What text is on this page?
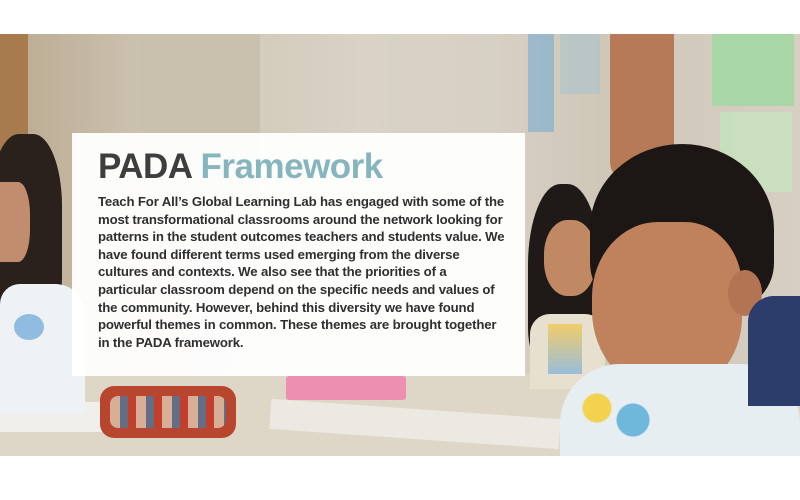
PADA Framework

Teach For All’s Global Learning Lab has engaged with some of the most transformational classrooms around the network looking for patterns in the student outcomes teachers and students value. We have found different terms used emerging from the diverse cultures and contexts. We also see that the priorities of a particular classroom depend on the specific needs and values of the community. However, behind this diversity we have found powerful themes in common. These themes are brought together in the PADA framework.
